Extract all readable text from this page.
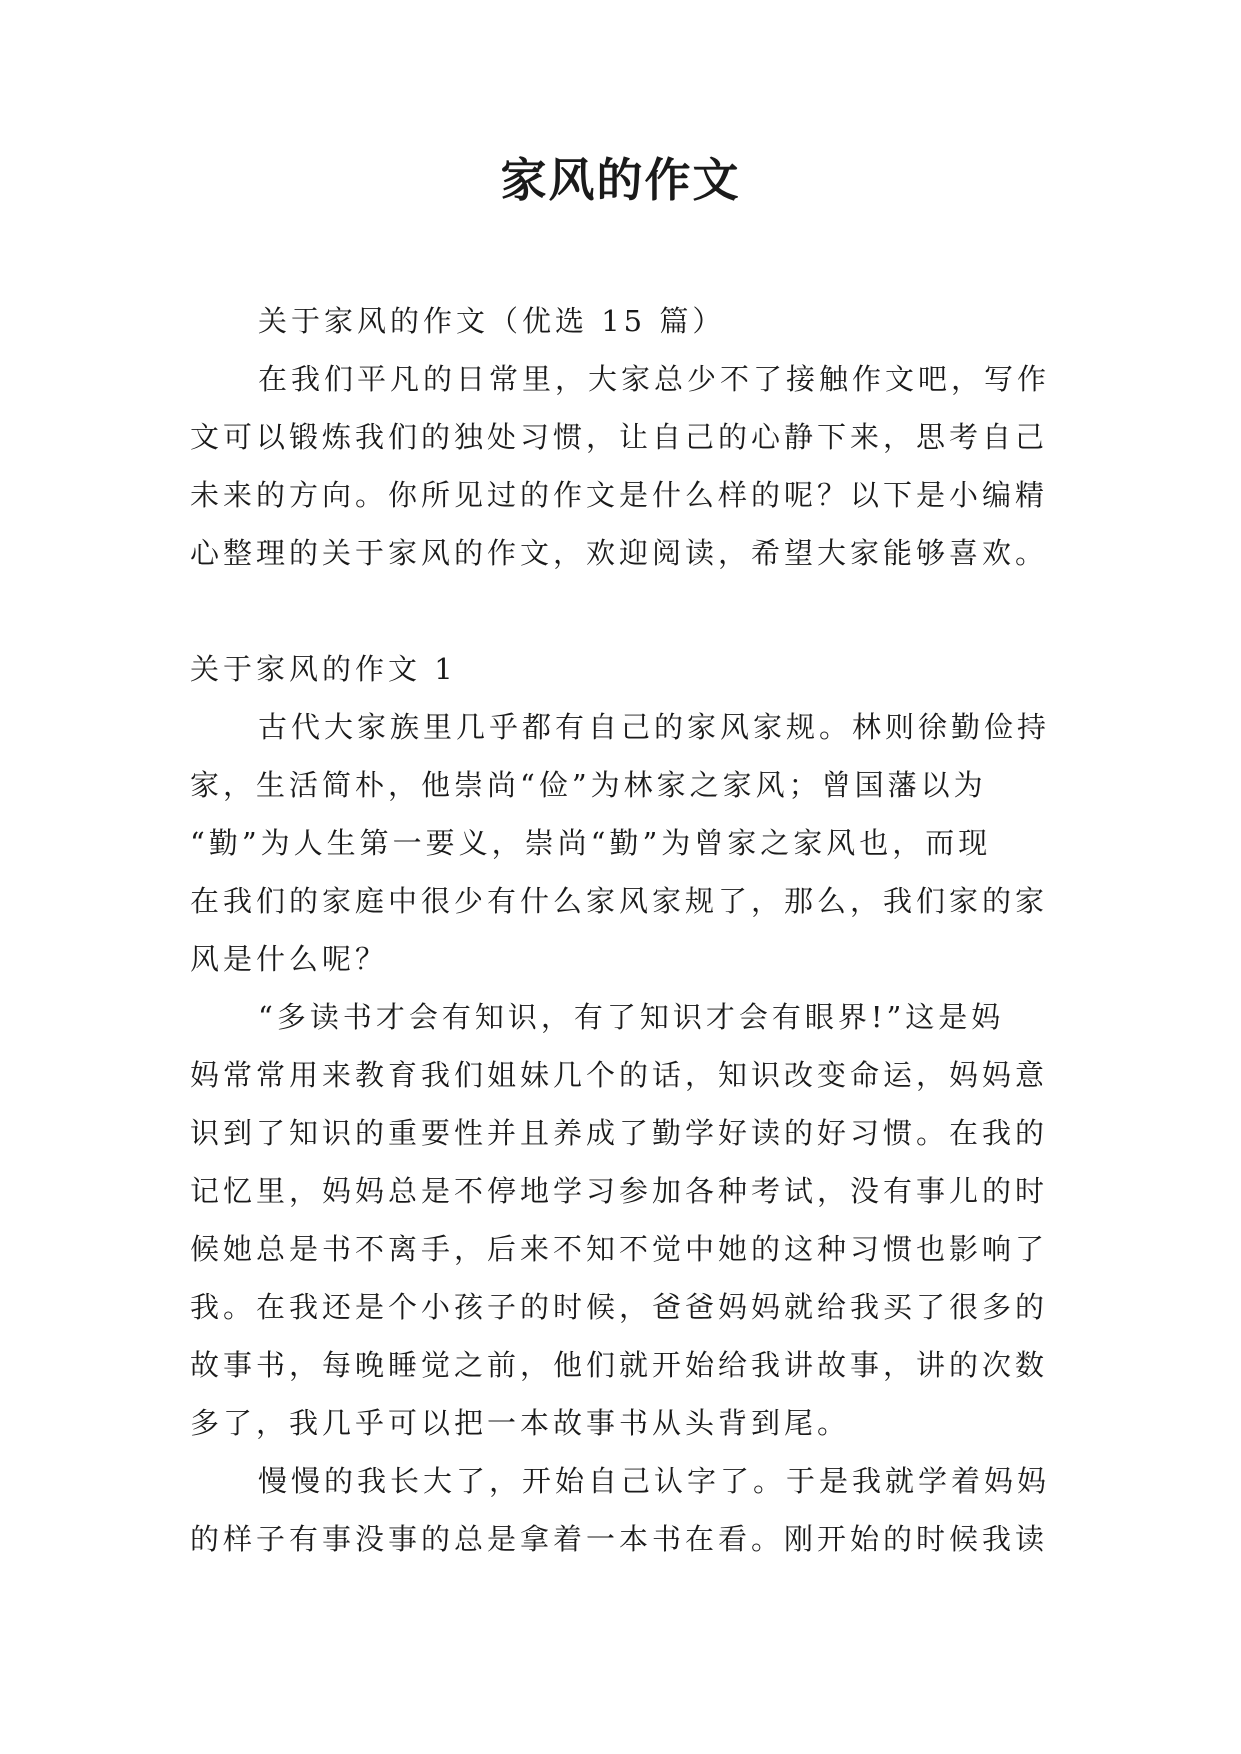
家风的作文
关于家风的作文（优选 15 篇）
在我们平凡的日常里，大家总少不了接触作文吧，写作
文可以锻炼我们的独处习惯，让自己的心静下来，思考自己
未来的方向。你所见过的作文是什么样的呢？以下是小编精
心整理的关于家风的作文，欢迎阅读，希望大家能够喜欢。
关于家风的作文 1
古代大家族里几乎都有自己的家风家规。林则徐勤俭持
家，生活简朴，他崇尚“俭”为林家之家风；曾国藩以为
“勤”为人生第一要义，崇尚“勤”为曾家之家风也，而现
在我们的家庭中很少有什么家风家规了，那么，我们家的家
风是什么呢？
“多读书才会有知识，有了知识才会有眼界!”这是妈
妈常常用来教育我们姐妹几个的话，知识改变命运，妈妈意
识到了知识的重要性并且养成了勤学好读的好习惯。在我的
记忆里，妈妈总是不停地学习参加各种考试，没有事儿的时
候她总是书不离手，后来不知不觉中她的这种习惯也影响了
我。在我还是个小孩子的时候，爸爸妈妈就给我买了很多的
故事书，每晚睡觉之前，他们就开始给我讲故事，讲的次数
多了，我几乎可以把一本故事书从头背到尾。
慢慢的我长大了，开始自己认字了。于是我就学着妈妈
的样子有事没事的总是拿着一本书在看。刚开始的时候我读
